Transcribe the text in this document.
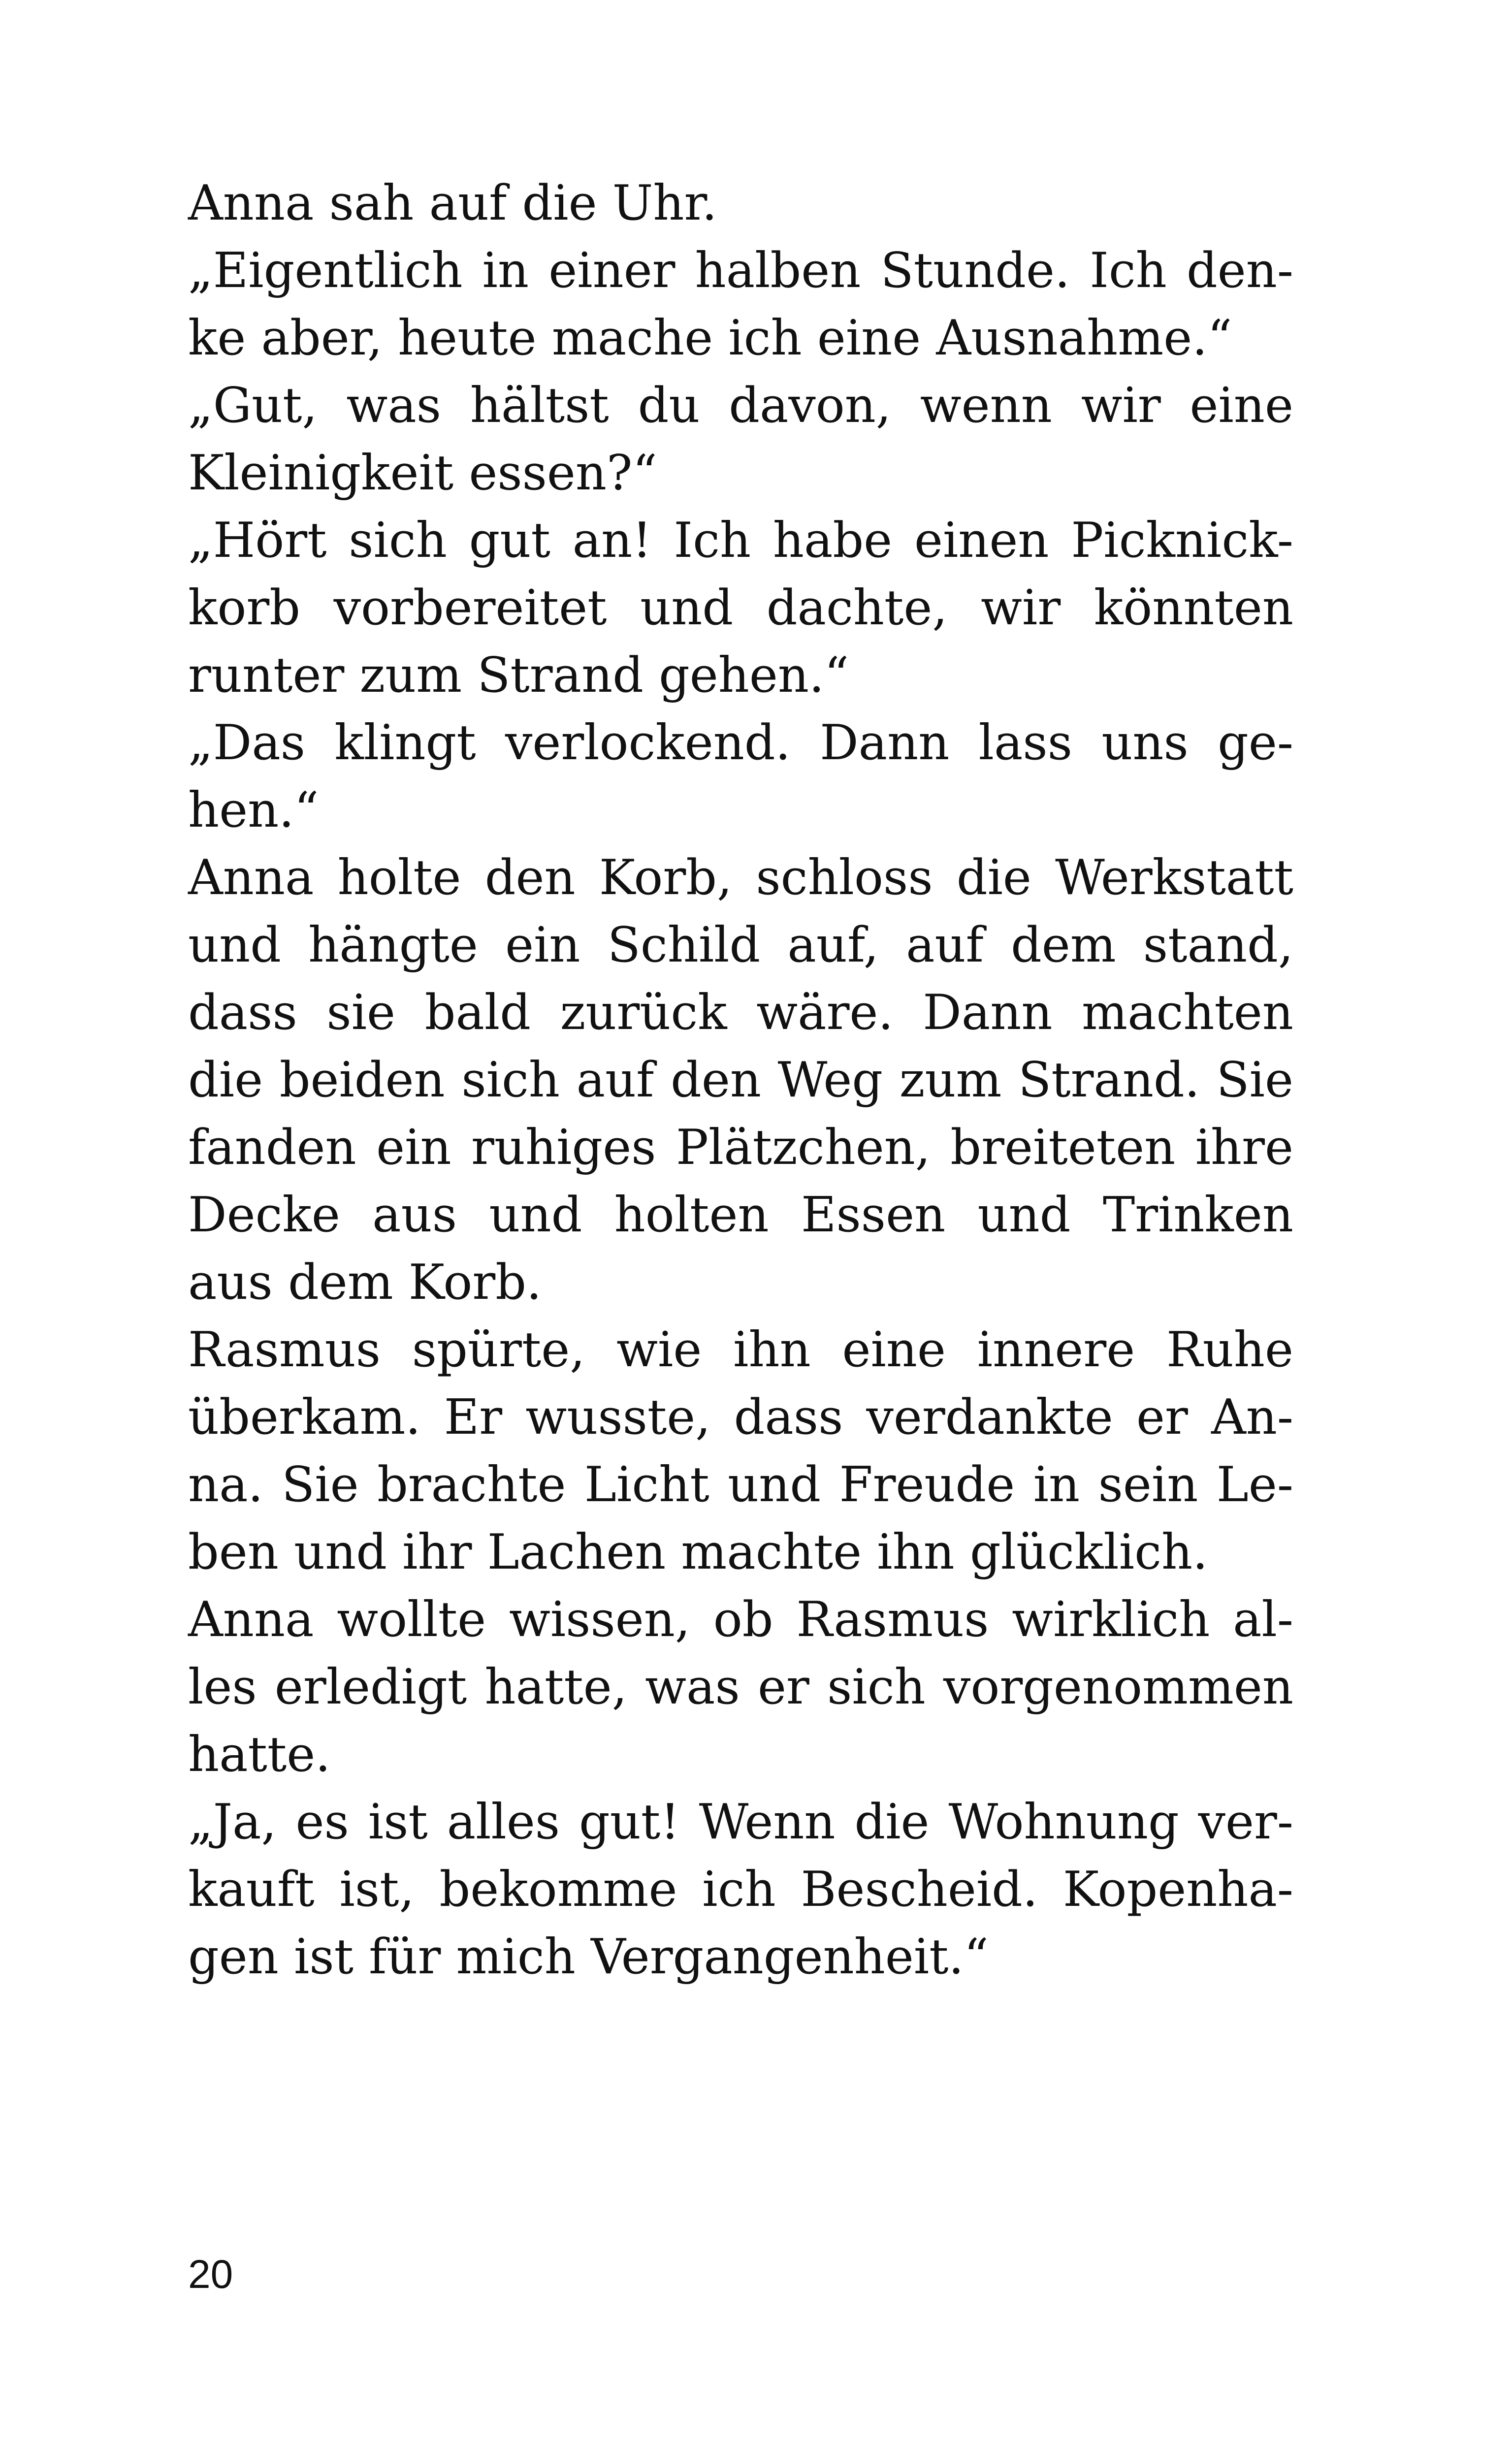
Anna sah auf die Uhr.
„Eigentlich in einer halben Stunde. Ich den-
ke aber, heute mache ich eine Ausnahme.“
„Gut, was hältst du davon, wenn wir eine
Kleinigkeit essen?“
„Hört sich gut an! Ich habe einen Picknick-
korb vorbereitet und dachte, wir könnten
runter zum Strand gehen.“
„Das klingt verlockend. Dann lass uns ge-
hen.“
Anna holte den Korb, schloss die Werkstatt
und hängte ein Schild auf, auf dem stand,
dass sie bald zurück wäre. Dann machten
die beiden sich auf den Weg zum Strand. Sie
fanden ein ruhiges Plätzchen, breiteten ihre
Decke aus und holten Essen und Trinken
aus dem Korb.
Rasmus spürte, wie ihn eine innere Ruhe
überkam. Er wusste, dass verdankte er An-
na. Sie brachte Licht und Freude in sein Le-
ben und ihr Lachen machte ihn glücklich.
Anna wollte wissen, ob Rasmus wirklich al-
les erledigt hatte, was er sich vorgenommen
hatte.
„Ja, es ist alles gut! Wenn die Wohnung ver-
kauft ist, bekomme ich Bescheid. Kopenha-
gen ist für mich Vergangenheit.“
20
